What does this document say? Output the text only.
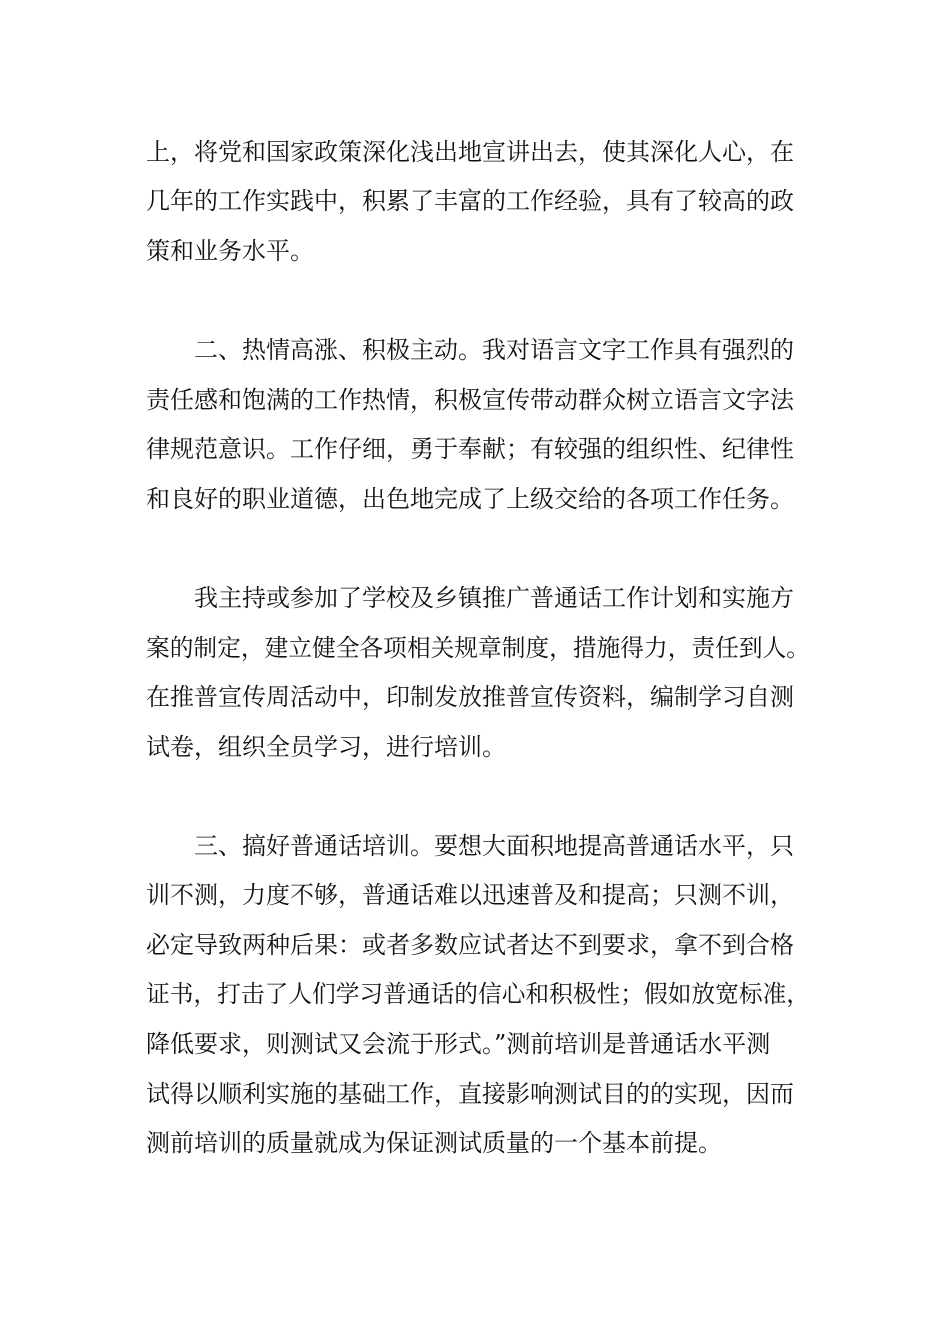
上，将党和国家政策深化浅出地宣讲出去，使其深化人心，在

几年的工作实践中，积累了丰富的工作经验，具有了较高的政

策和业务水平。

二、热情高涨、积极主动。我对语言文字工作具有强烈的

责任感和饱满的工作热情，积极宣传带动群众树立语言文字法

律规范意识。工作仔细，勇于奉献；有较强的组织性、纪律性

和良好的职业道德，出色地完成了上级交给的各项工作任务。

我主持或参加了学校及乡镇推广普通话工作计划和实施方

案的制定，建立健全各项相关规章制度，措施得力，责任到人。

在推普宣传周活动中，印制发放推普宣传资料，编制学习自测

试卷，组织全员学习，进行培训。

三、搞好普通话培训。要想大面积地提高普通话水平，只

训不测，力度不够，普通话难以迅速普及和提高；只测不训，

必定导致两种后果：或者多数应试者达不到要求，拿不到合格

证书，打击了人们学习普通话的信心和积极性；假如放宽标准，

降低要求，则测试又会流于形式。”测前培训是普通话水平测

试得以顺利实施的基础工作，直接影响测试目的的实现，因而

测前培训的质量就成为保证测试质量的一个基本前提。
